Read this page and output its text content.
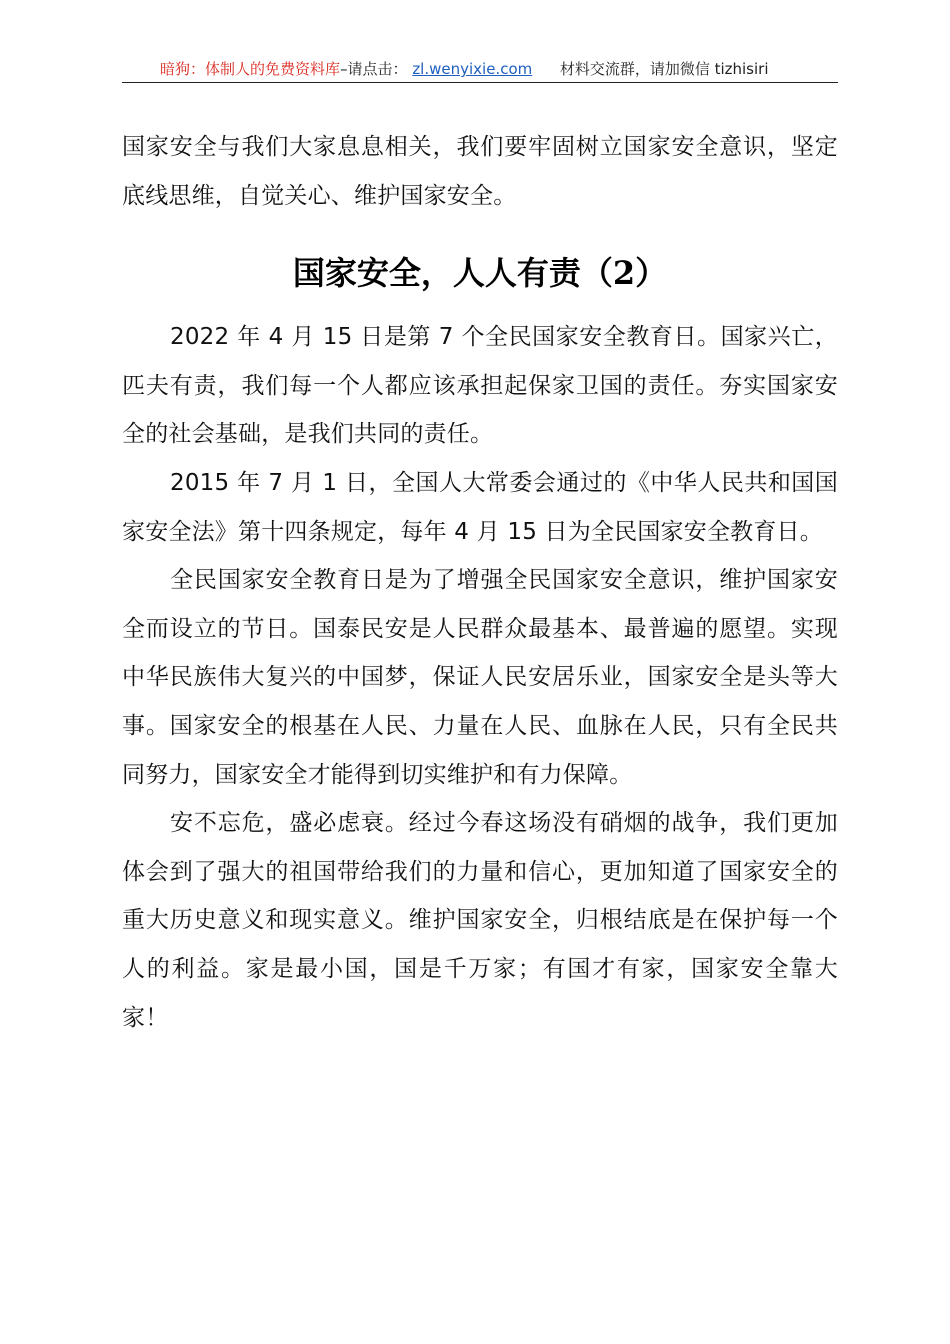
暗狗：体制人的免费资料库–请点击： zl.wenyixie.com 材料交流群，请加微信 tizhisiri

国家安全与我们大家息息相关，我们要牢固树立国家安全意识，坚定底线思维，自觉关心、维护国家安全。

国家安全，人人有责（2）

2022 年 4 月 15 日是第 7 个全民国家安全教育日。国家兴亡，匹夫有责，我们每一个人都应该承担起保家卫国的责任。夯实国家安全的社会基础，是我们共同的责任。

2015 年 7 月 1 日，全国人大常委会通过的《中华人民共和国国家安全法》第十四条规定，每年 4 月 15 日为全民国家安全教育日。

全民国家安全教育日是为了增强全民国家安全意识，维护国家安全而设立的节日。国泰民安是人民群众最基本、最普遍的愿望。实现中华民族伟大复兴的中国梦，保证人民安居乐业，国家安全是头等大事。国家安全的根基在人民、力量在人民、血脉在人民，只有全民共同努力，国家安全才能得到切实维护和有力保障。

安不忘危，盛必虑衰。经过今春这场没有硝烟的战争，我们更加体会到了强大的祖国带给我们的力量和信心，更加知道了国家安全的重大历史意义和现实意义。维护国家安全，归根结底是在保护每一个人的利益。家是最小国，国是千万家；有国才有家，国家安全靠大家！
